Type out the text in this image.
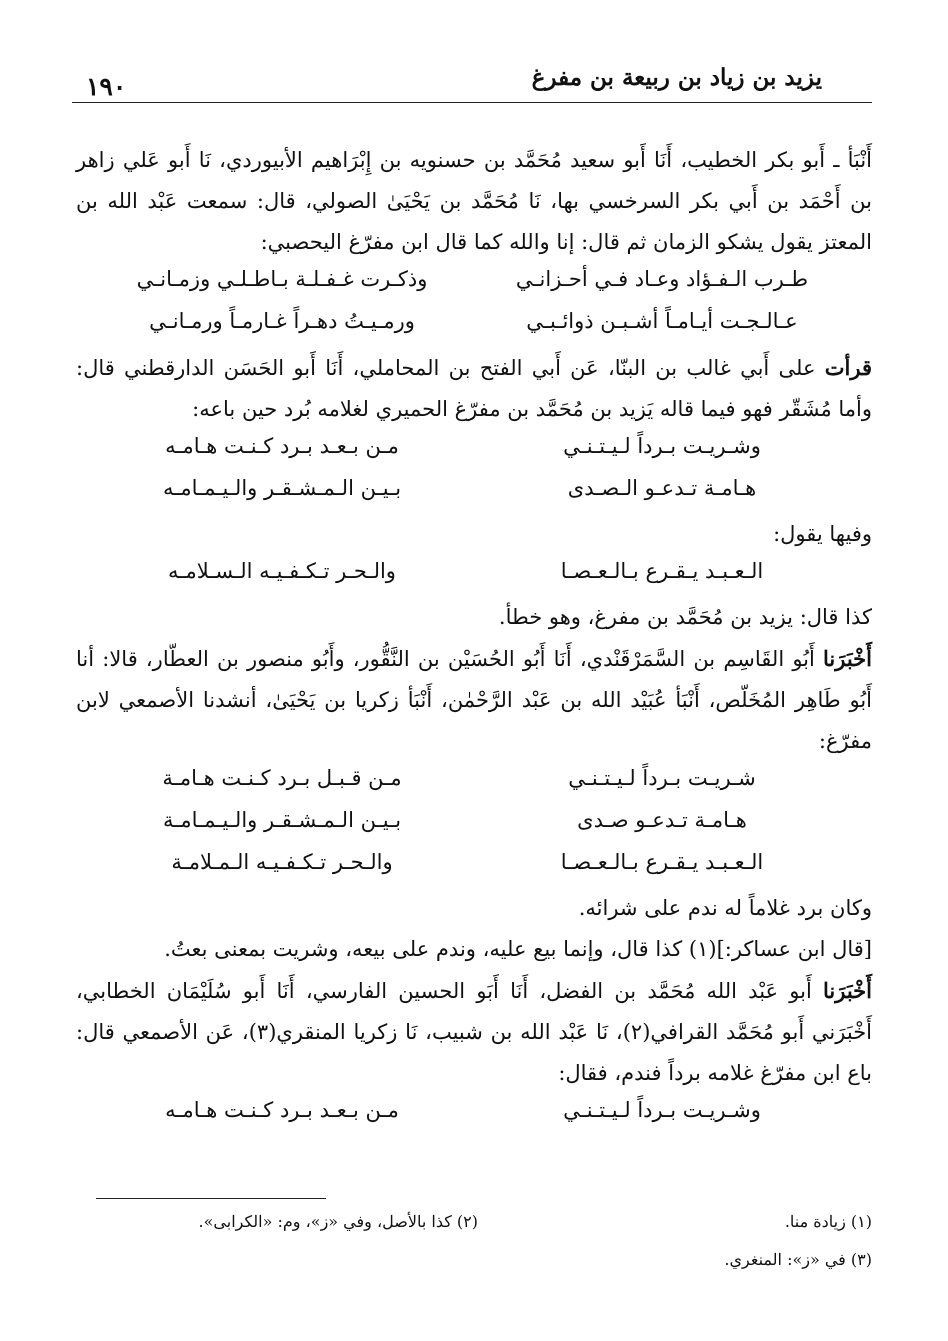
يزيد بن زياد بن ربيعة بن مفرغ
١٩٠

أَنْبَأ ـ أَبو بكر الخطيب، أَنَا أَبو سعيد مُحَمَّد بن حسنويه بن إِبْرَاهيم الأبيوردي، نَا أَبو عَلي زاهر بن أَحْمَد بن أَبي بكر السرخسي بها، نَا مُحَمَّد بن يَحْيَىٰ الصولي، قال: سمعت عَبْد الله بن المعتز يقول يشكو الزمان ثم قال: إنا والله كما قال ابن مفرّغ اليحصبي:

طـرب الـفـؤاد وعـاد فـي أحـزانـي
وذكـرت غـفـلـة بـاطـلـي وزمـانـي
عـالـجـت أيـامـاً أشـبـن ذوائـبـي
ورمـيـتُ دهـراً غـارمـاً ورمـانـي

قرأت على أَبي غالب بن البنّا، عَن أَبي الفتح بن المحاملي، أَنَا أَبو الحَسَن الدارقطني قال: وأما مُشَقّر فهو فيما قاله يَزيد بن مُحَمَّد بن مفرّغ الحميري لغلامه بُرد حين باعه:

وشـريـت بـرداً لـيـتـنـي
مـن بـعـد بـرد كـنـت هـامـه
هـامـة تـدعـو الـصـدى
بـيـن الـمـشـقـر والـيـمـامـه

وفيها يقول:

الـعـبـد يـقـرع بـالـعـصـا
والـحـر تـكـفـيـه الـسـلامـه

كذا قال: يزيد بن مُحَمَّد بن مفرغ، وهو خطأ.

أَخْبَرَنا أَبُو القَاسِم بن السَّمَرْقَنْدي، أَنَا أَبُو الحُسَيْن بن النَّقُّور، وأَبُو منصور بن العطّار، قالا: أنا أَبُو طَاهِر المُخَلّص، أَنْبَأ عُبَيْد الله بن عَبْد الرَّحْمٰن، أَنْبَأ زكريا بن يَحْيَىٰ، أنشدنا الأصمعي لابن مفرّغ:

شـريـت بـرداً لـيـتـنـي
مـن قـبـل بـرد كـنـت هـامـة
هـامـة تـدعـو صـدى
بـيـن الـمـشـقـر والـيـمـامـة
الـعـبـد يـقـرع بـالـعـصـا
والـحـر تـكـفـيـه الـمـلامـة

وكان برد غلاماً له ندم على شرائه.

[قال ابن عساكر:](١) كذا قال، وإنما بيع عليه، وندم على بيعه، وشريت بمعنى بعتُ.

أَخْبَرَنا أَبو عَبْد الله مُحَمَّد بن الفضل، أَنَا أَبَو الحسين الفارسي، أَنَا أَبو سُلَيْمَان الخطابي، أَخْبَرَني أَبو مُحَمَّد القرافي(٢)، نَا عَبْد الله بن شبيب، نَا زكريا المنقري(٣)، عَن الأصمعي قال: باع ابن مفرّغ غلامه برداً فندم، فقال:

وشـريـت بـرداً لـيـتـنـي
مـن بـعـد بـرد كـنـت هـامـه
(١) زيادة منا.
(٢) كذا بالأصل، وفي «ز»، وم: «الكرابى».
(٣) في «ز»: المنغري.
